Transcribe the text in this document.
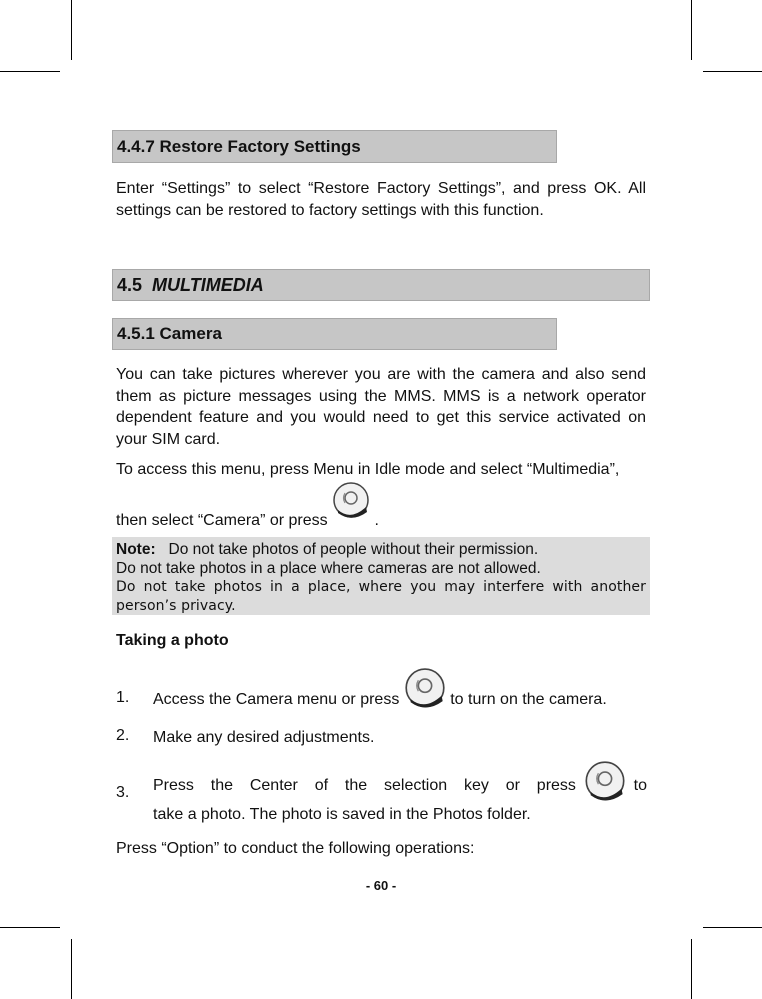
4.4.7 Restore Factory Settings
Enter “Settings” to select “Restore Factory Settings”, and press OK. All settings can be restored to factory settings with this function.
4.5 MULTIMEDIA
4.5.1 Camera
You can take pictures wherever you are with the camera and also send them as picture messages using the MMS. MMS is a network operator dependent feature and you would need to get this service activated on your SIM card.
To access this menu, press Menu in Idle mode and select “Multimedia”,
then select “Camera” or press	.
Note: Do not take photos of people without their permission.
Do not take photos in a place where cameras are not allowed.
Do not take photos in a place, where you may interfere with another person’s privacy.
Taking a photo
1. Access the Camera menu or press	to turn on the camera.
2. Make any desired adjustments.
3. Press the Center of the selection key or press	to take a photo. The photo is saved in the Photos folder.
Press “Option” to conduct the following operations:
- 60 -
